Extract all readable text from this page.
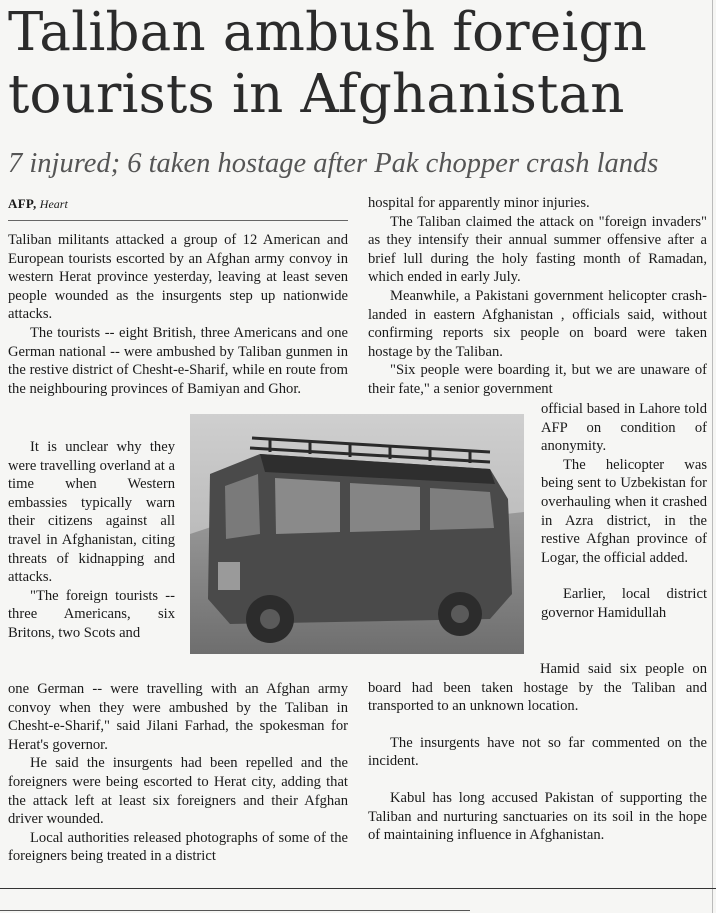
Taliban ambush foreign
tourists in Afghanistan
7 injured; 6 taken hostage after Pak chopper crash lands
AFP, Heart

Taliban militants attacked a group of 12 American and European tourists escorted by an Afghan army convoy in western Herat province yesterday, leaving at least seven people wounded as the insurgents step up nationwide attacks.

The tourists -- eight British, three Americans and one German national -- were ambushed by Taliban gunmen in the restive district of Chesht-e-Sharif, while en route from the neighbouring provinces of Bamiyan and Ghor.

It is unclear why they were travelling overland at a time when Western embassies typically warn their citizens against all travel in Afghanistan, citing threats of kidnapping and attacks.

"The foreign tourists -- three Americans, six Britons, two Scots and

one German -- were travelling with an Afghan army convoy when they were ambushed by the Taliban in Chesht-e-Sharif," said Jilani Farhad, the spokesman for Herat's governor.

He said the insurgents had been repelled and the foreigners were being escorted to Herat city, adding that the attack left at least six foreigners and their Afghan driver wounded.

Local authorities released photographs of some of the foreigners being treated in a district

hospital for apparently minor injuries.

The Taliban claimed the attack on "foreign invaders" as they intensify their annual summer offensive after a brief lull during the holy fasting month of Ramadan, which ended in early July.

Meanwhile, a Pakistani government helicopter crash-landed in eastern Afghanistan , officials said, without confirming reports six people on board were taken hostage by the Taliban.

"Six people were boarding it, but we are unaware of their fate," a senior government

official based in Lahore told AFP on condition of anonymity.

The helicopter was being sent to Uzbekistan for overhauling when it crashed in Azra district, in the restive Afghan province of Logar, the official added.

Earlier, local district governor Hamidullah

Hamid said six people on board had been taken hostage by the Taliban and transported to an unknown location.

The insurgents have not so far commented on the incident.

Kabul has long accused Pakistan of supporting the Taliban and nurturing sanctuaries on its soil in the hope of maintaining influence in Afghanistan.
